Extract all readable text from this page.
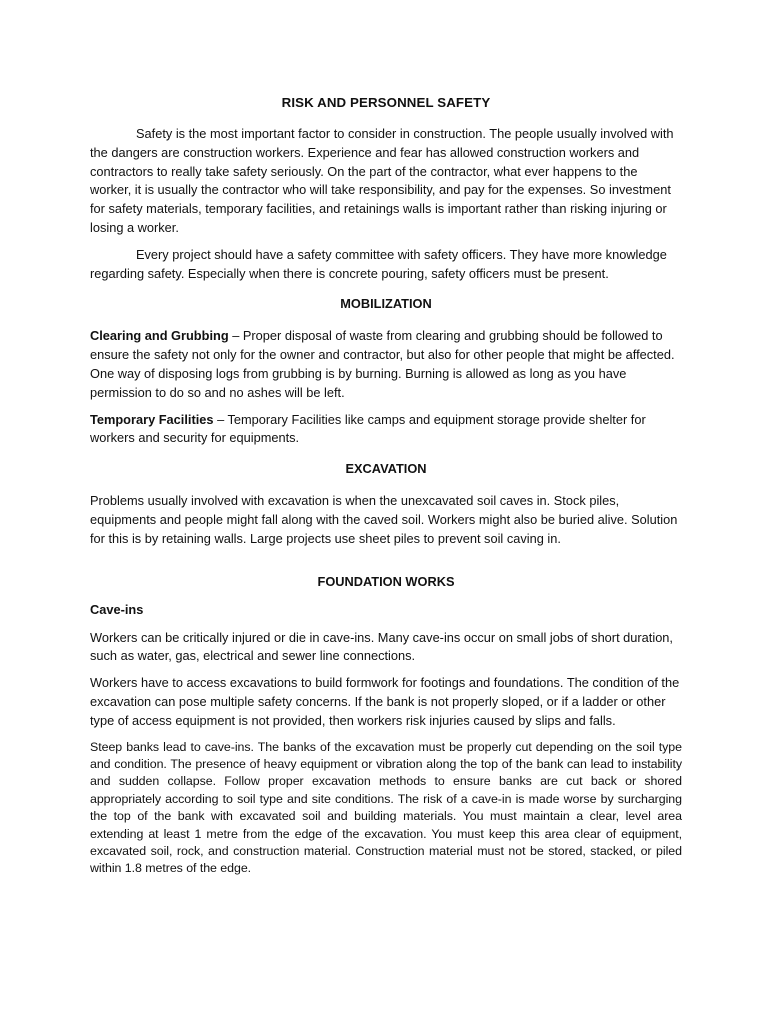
RISK AND PERSONNEL SAFETY

Safety is the most important factor to consider in construction. The people usually involved with the dangers are construction workers. Experience and fear has allowed construction workers and contractors to really take safety seriously. On the part of the contractor, what ever happens to the worker, it is usually the contractor who will take responsibility, and pay for the expenses. So investment for safety materials, temporary facilities, and retainings walls is important rather than risking injuring or losing a worker.

Every project should have a safety committee with safety officers. They have more knowledge regarding safety. Especially when there is concrete pouring, safety officers must be present.

MOBILIZATION

Clearing and Grubbing – Proper disposal of waste from clearing and grubbing should be followed to ensure the safety not only for the owner and contractor, but also for other people that might be affected. One way of disposing logs from grubbing is by burning. Burning is allowed as long as you have permission to do so and no ashes will be left.

Temporary Facilities – Temporary Facilities like camps and equipment storage provide shelter for workers and security for equipments.

EXCAVATION

Problems usually involved with excavation is when the unexcavated soil caves in. Stock piles, equipments and people might fall along with the caved soil. Workers might also be buried alive. Solution for this is by retaining walls. Large projects use sheet piles to prevent soil caving in.

FOUNDATION WORKS
Cave-ins

Workers can be critically injured or die in cave-ins. Many cave-ins occur on small jobs of short duration, such as water, gas, electrical and sewer line connections.

Workers have to access excavations to build formwork for footings and foundations. The condition of the excavation can pose multiple safety concerns. If the bank is not properly sloped, or if a ladder or other type of access equipment is not provided, then workers risk injuries caused by slips and falls.

Steep banks lead to cave-ins. The banks of the excavation must be properly cut depending on the soil type and condition. The presence of heavy equipment or vibration along the top of the bank can lead to instability and sudden collapse. Follow proper excavation methods to ensure banks are cut back or shored appropriately according to soil type and site conditions. The risk of a cave-in is made worse by surcharging the top of the bank with excavated soil and building materials. You must maintain a clear, level area extending at least 1 metre from the edge of the excavation. You must keep this area clear of equipment, excavated soil, rock, and construction material. Construction material must not be stored, stacked, or piled within 1.8 metres of the edge.
